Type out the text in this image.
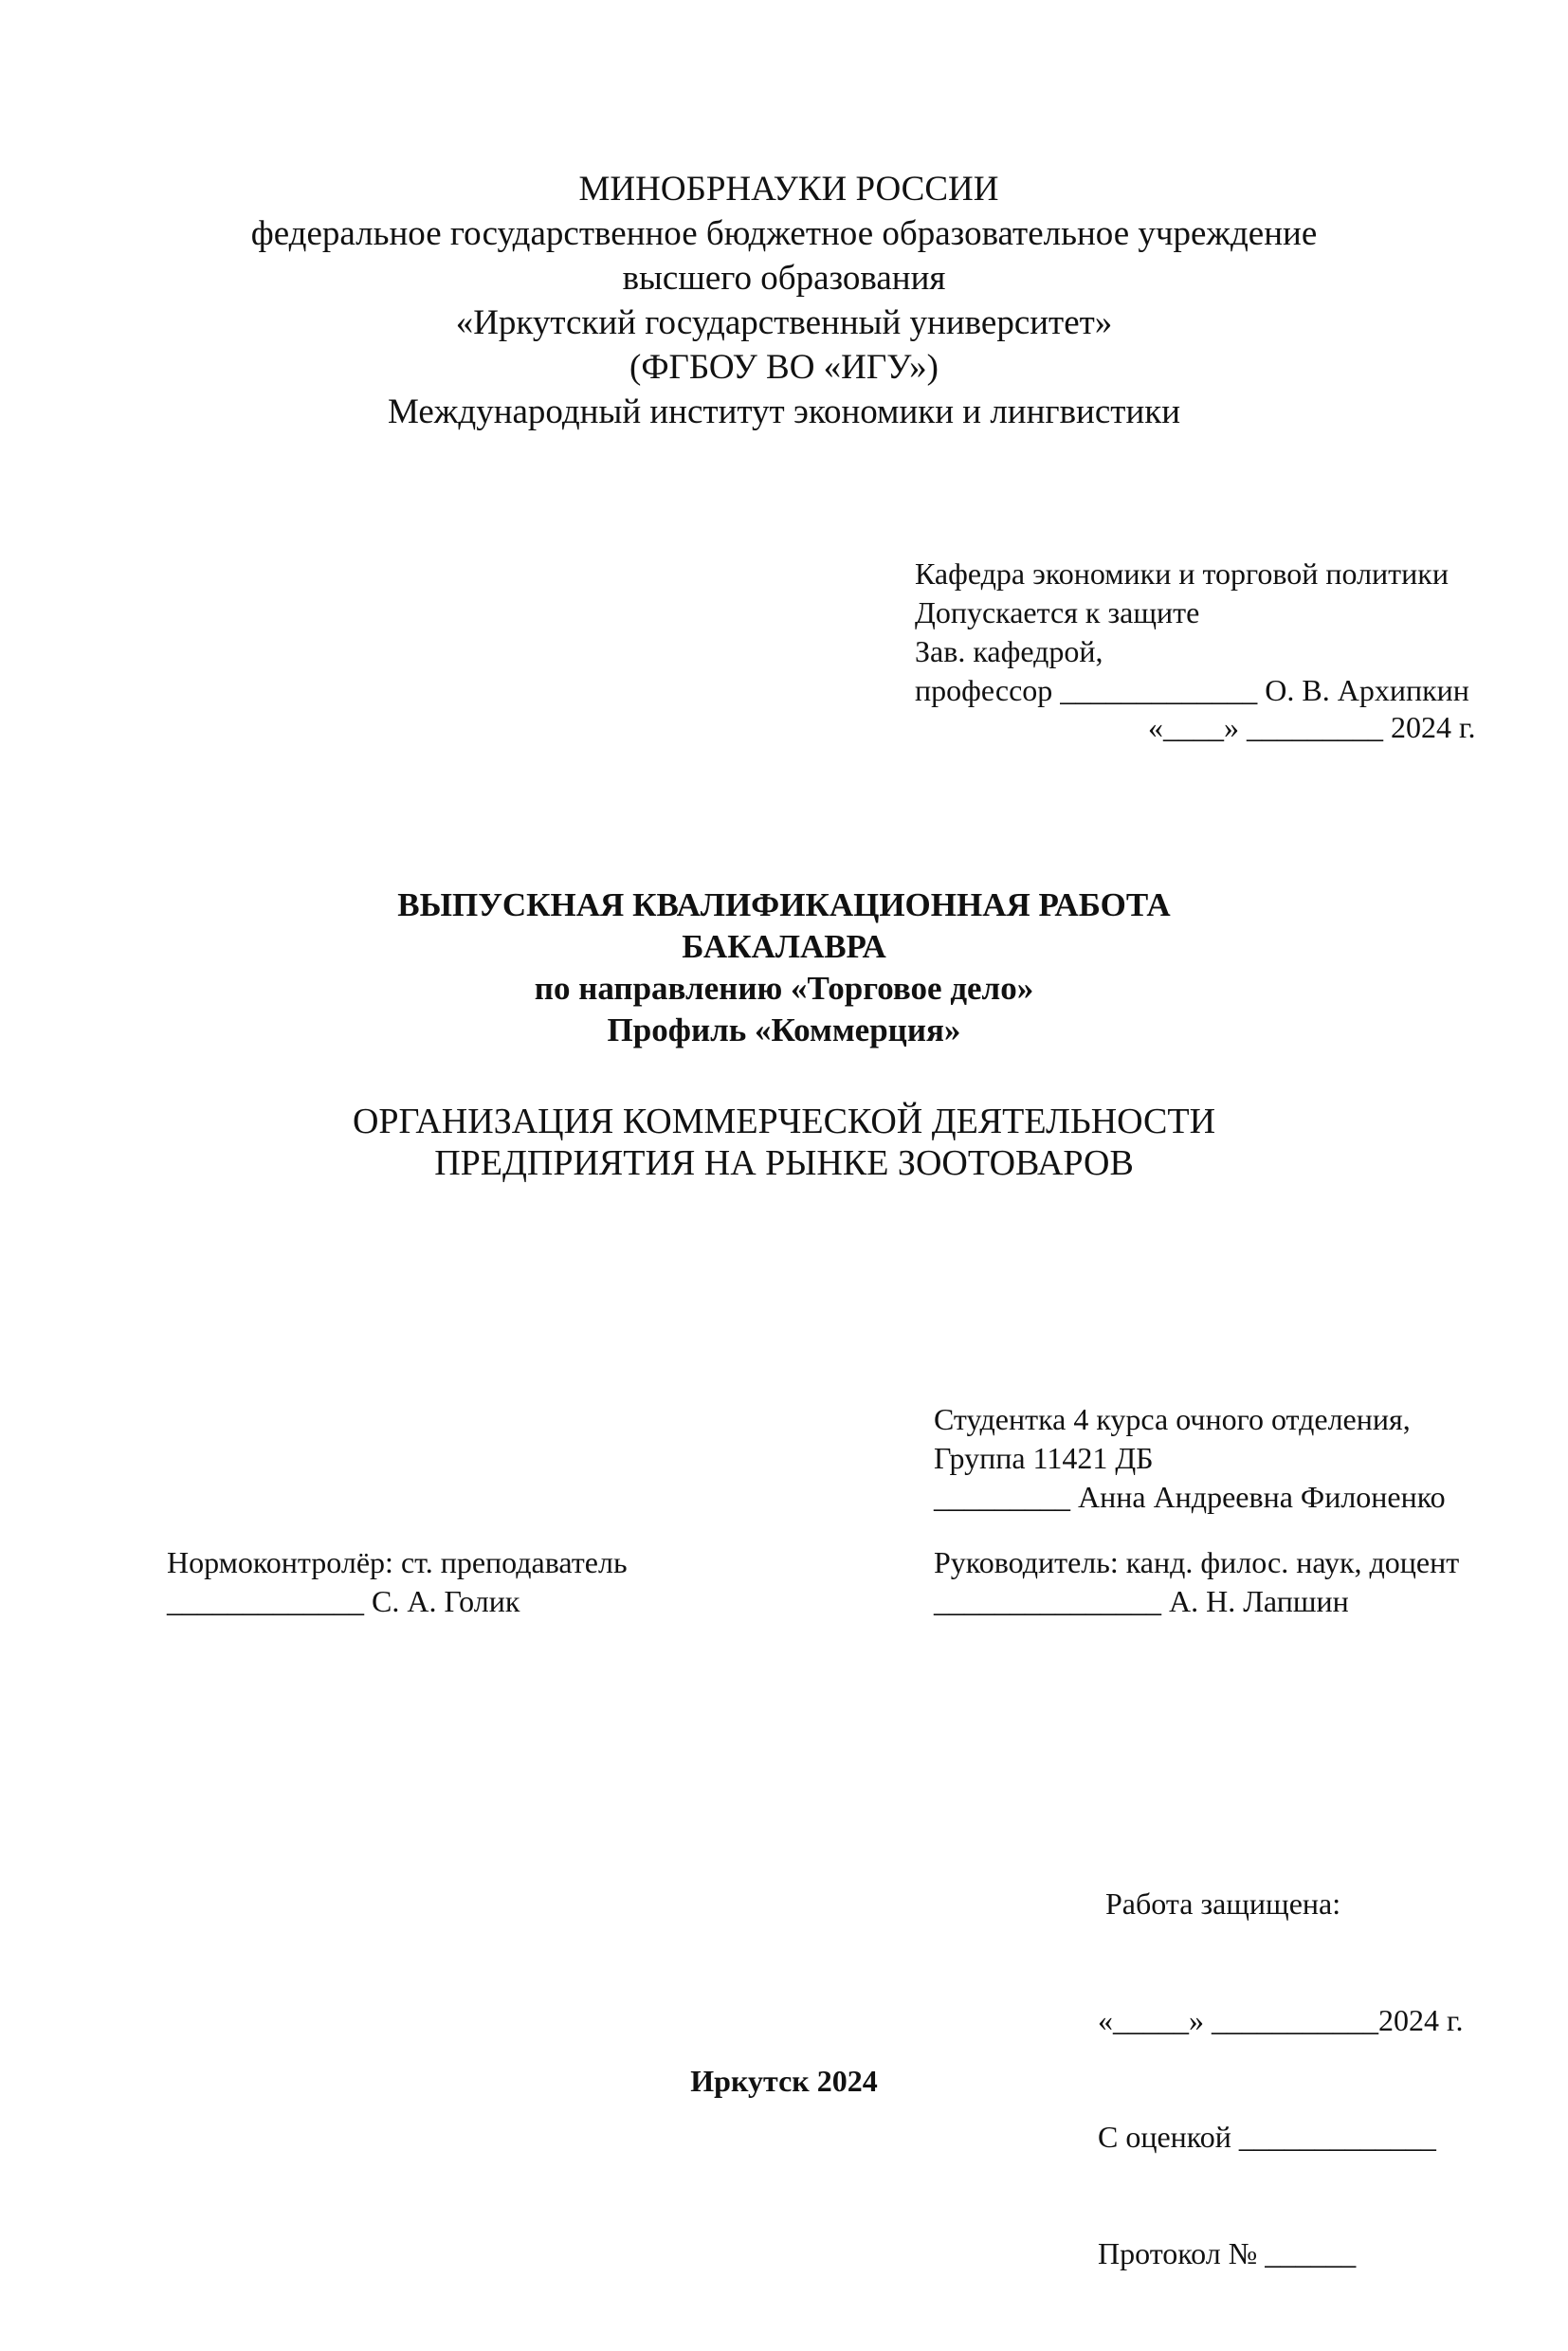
МИНОБРНАУКИ РОССИИ
федеральное государственное бюджетное образовательное учреждение
высшего образования
«Иркутский государственный университет»
(ФГБОУ ВО «ИГУ»)
Международный институт экономики и лингвистики
Кафедра экономики и торговой политики
Допускается к защите
Зав. кафедрой,
профессор _____________ О. В. Архипкин
«____» _________ 2024 г.
ВЫПУСКНАЯ КВАЛИФИКАЦИОННАЯ РАБОТА
БАКАЛАВРА
по направлению «Торговое дело»
Профиль «Коммерция»
ОРГАНИЗАЦИЯ КОММЕРЧЕСКОЙ ДЕЯТЕЛЬНОСТИ
ПРЕДПРИЯТИЯ НА РЫНКЕ ЗООТОВАРОВ
Студентка 4 курса очного отделения,
Группа 11421 ДБ
_________ Анна Андреевна Филоненко
Нормоконтролёр: ст. преподаватель
_____________ С. А. Голик
Руководитель: канд. филос. наук, доцент
_______________ А. Н. Лапшин

Работа защищена:

«_____» ___________2024 г.

С оценкой _____________

Протокол № ______

Иркутск 2024
